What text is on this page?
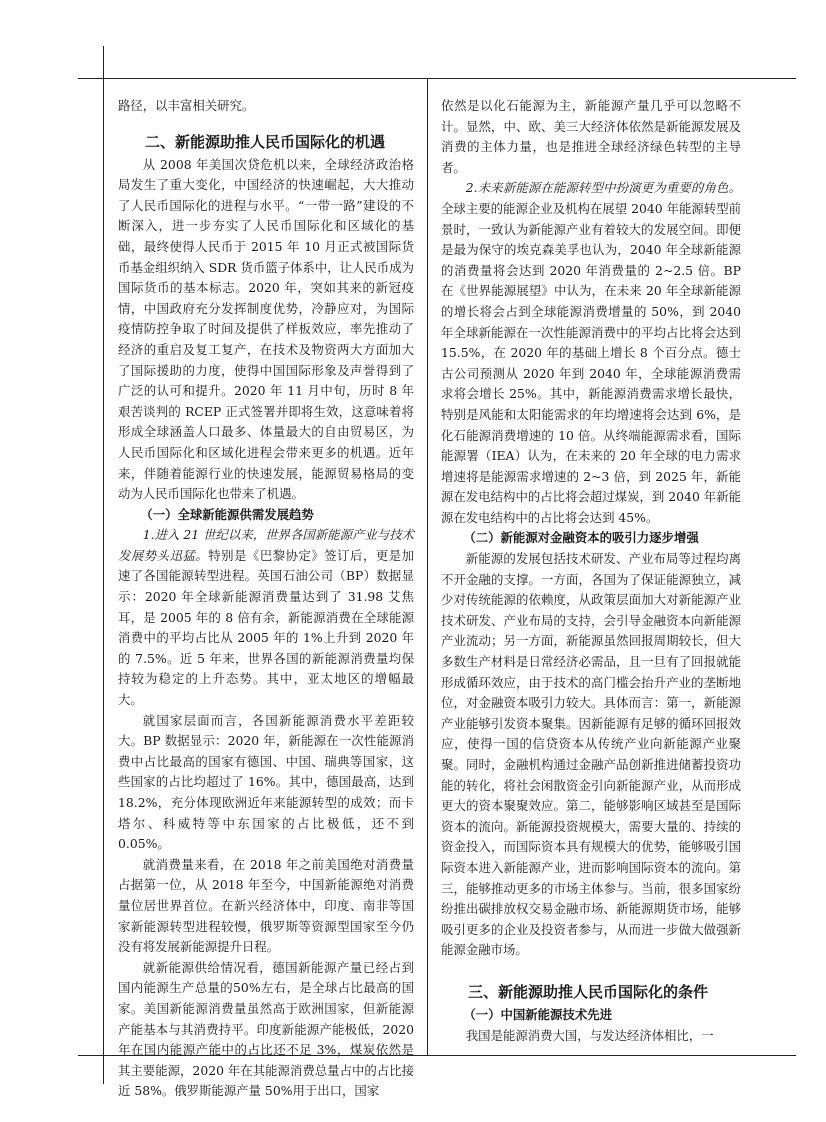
路径，以丰富相关研究。

二、新能源助推人民币国际化的机遇

从 2008 年美国次贷危机以来，全球经济政治格局发生了重大变化，中国经济的快速崛起，大大推动了人民币国际化的进程与水平。“一带一路”建设的不断深入，进一步夯实了人民币国际化和区域化的基础，最终使得人民币于 2015 年 10 月正式被国际货币基金组织纳入 SDR 货币篮子体系中，让人民币成为国际货币的基本标志。2020 年，突如其来的新冠疫情，中国政府充分发挥制度优势，冷静应对，为国际疫情防控争取了时间及提供了样板效应，率先推动了经济的重启及复工复产，在技术及物资两大方面加大了国际援助的力度，使得中国国际形象及声誉得到了广泛的认可和提升。2020 年 11 月中旬，历时 8 年艰苦谈判的 RCEP 正式签署并即将生效，这意味着将形成全球涵盖人口最多、体量最大的自由贸易区，为人民币国际化和区域化进程会带来更多的机遇。近年来，伴随着能源行业的快速发展，能源贸易格局的变动为人民币国际化也带来了机遇。

（一）全球新能源供需发展趋势

1.进入 21 世纪以来，世界各国新能源产业与技术发展势头迅猛。特别是《巴黎协定》签订后，更是加速了各国能源转型进程。英国石油公司（BP）数据显示：2020 年全球新能源消费量达到了 31.98 艾焦耳，是 2005 年的 8 倍有余，新能源消费在全球能源消费中的平均占比从 2005 年的 1%上升到 2020 年的 7.5%。近 5 年来，世界各国的新能源消费量均保持较为稳定的上升态势。其中，亚太地区的增幅最大。

就国家层面而言，各国新能源消费水平差距较大。BP 数据显示：2020 年，新能源在一次性能源消费中占比最高的国家有德国、中国、瑞典等国家，这些国家的占比均超过了 16%。其中，德国最高，达到 18.2%，充分体现欧洲近年来能源转型的成效；而卡塔尔、科威特等中东国家的占比极低，还不到 0.05%。

就消费量来看，在 2018 年之前美国绝对消费量占据第一位，从 2018 年至今，中国新能源绝对消费量位居世界首位。在新兴经济体中，印度、南非等国家新能源转型进程较慢，俄罗斯等资源型国家至今仍没有将发展新能源提升日程。

就新能源供给情况看，德国新能源产量已经占到国内能源生产总量的50%左右，是全球占比最高的国家。美国新能源消费量虽然高于欧洲国家，但新能源产能基本与其消费持平。印度新能源产能极低，2020 年在国内能源产能中的占比还不足 3%，煤炭依然是其主要能源，2020 年在其能源消费总量占中的占比接近 58%。俄罗斯能源产量 50%用于出口，国家

依然是以化石能源为主，新能源产量几乎可以忽略不计。显然，中、欧、美三大经济体依然是新能源发展及消费的主体力量，也是推进全球经济绿色转型的主导者。

2.未来新能源在能源转型中扮演更为重要的角色。全球主要的能源企业及机构在展望 2040 年能源转型前景时，一致认为新能源产业有着较大的发展空间。即便是最为保守的埃克森美孚也认为，2040 年全球新能源的消费量将会达到 2020 年消费量的 2~2.5 倍。BP 在《世界能源展望》中认为，在未来 20 年全球新能源的增长将会占到全球能源消费增量的 50%，到 2040 年全球新能源在一次性能源消费中的平均占比将会达到 15.5%，在 2020 年的基础上增长 8 个百分点。德士古公司预测从 2020 年到 2040 年，全球能源消费需求将会增长 25%。其中，新能源消费需求增长最快，特别是风能和太阳能需求的年均增速将会达到 6%，是化石能源消费增速的 10 倍。从终端能源需求看，国际能源署（IEA）认为，在未来的 20 年全球的电力需求增速将是能源需求增速的 2~3 倍，到 2025 年，新能源在发电结构中的占比将会超过煤炭，到 2040 年新能源在发电结构中的占比将会达到 45%。

（二）新能源对金融资本的吸引力逐步增强

新能源的发展包括技术研发、产业布局等过程均离不开金融的支撑。一方面，各国为了保证能源独立，减少对传统能源的依赖度，从政策层面加大对新能源产业技术研发、产业布局的支持，会引导金融资本向新能源产业流动；另一方面，新能源虽然回报周期较长，但大多数生产材料是日常经济必需品，且一旦有了回报就能形成循环效应，由于技术的高门槛会抬升产业的垄断地位，对金融资本吸引力较大。具体而言：第一，新能源产业能够引发资本聚集。因新能源有足够的循环回报效应，使得一国的信贷资本从传统产业向新能源产业聚聚。同时，金融机构通过金融产品创新推进储蓄投资功能的转化，将社会闲散资金引向新能源产业，从而形成更大的资本聚聚效应。第二，能够影响区域甚至是国际资本的流向。新能源投资规模大，需要大量的、持续的资金投入，而国际资本具有规模大的优势，能够吸引国际资本进入新能源产业，进而影响国际资本的流向。第三，能够推动更多的市场主体参与。当前，很多国家纷纷推出碳排放权交易金融市场、新能源期货市场，能够吸引更多的企业及投资者参与，从而进一步做大做强新能源金融市场。

三、新能源助推人民币国际化的条件
（一）中国新能源技术先进

我国是能源消费大国，与发达经济体相比，一
